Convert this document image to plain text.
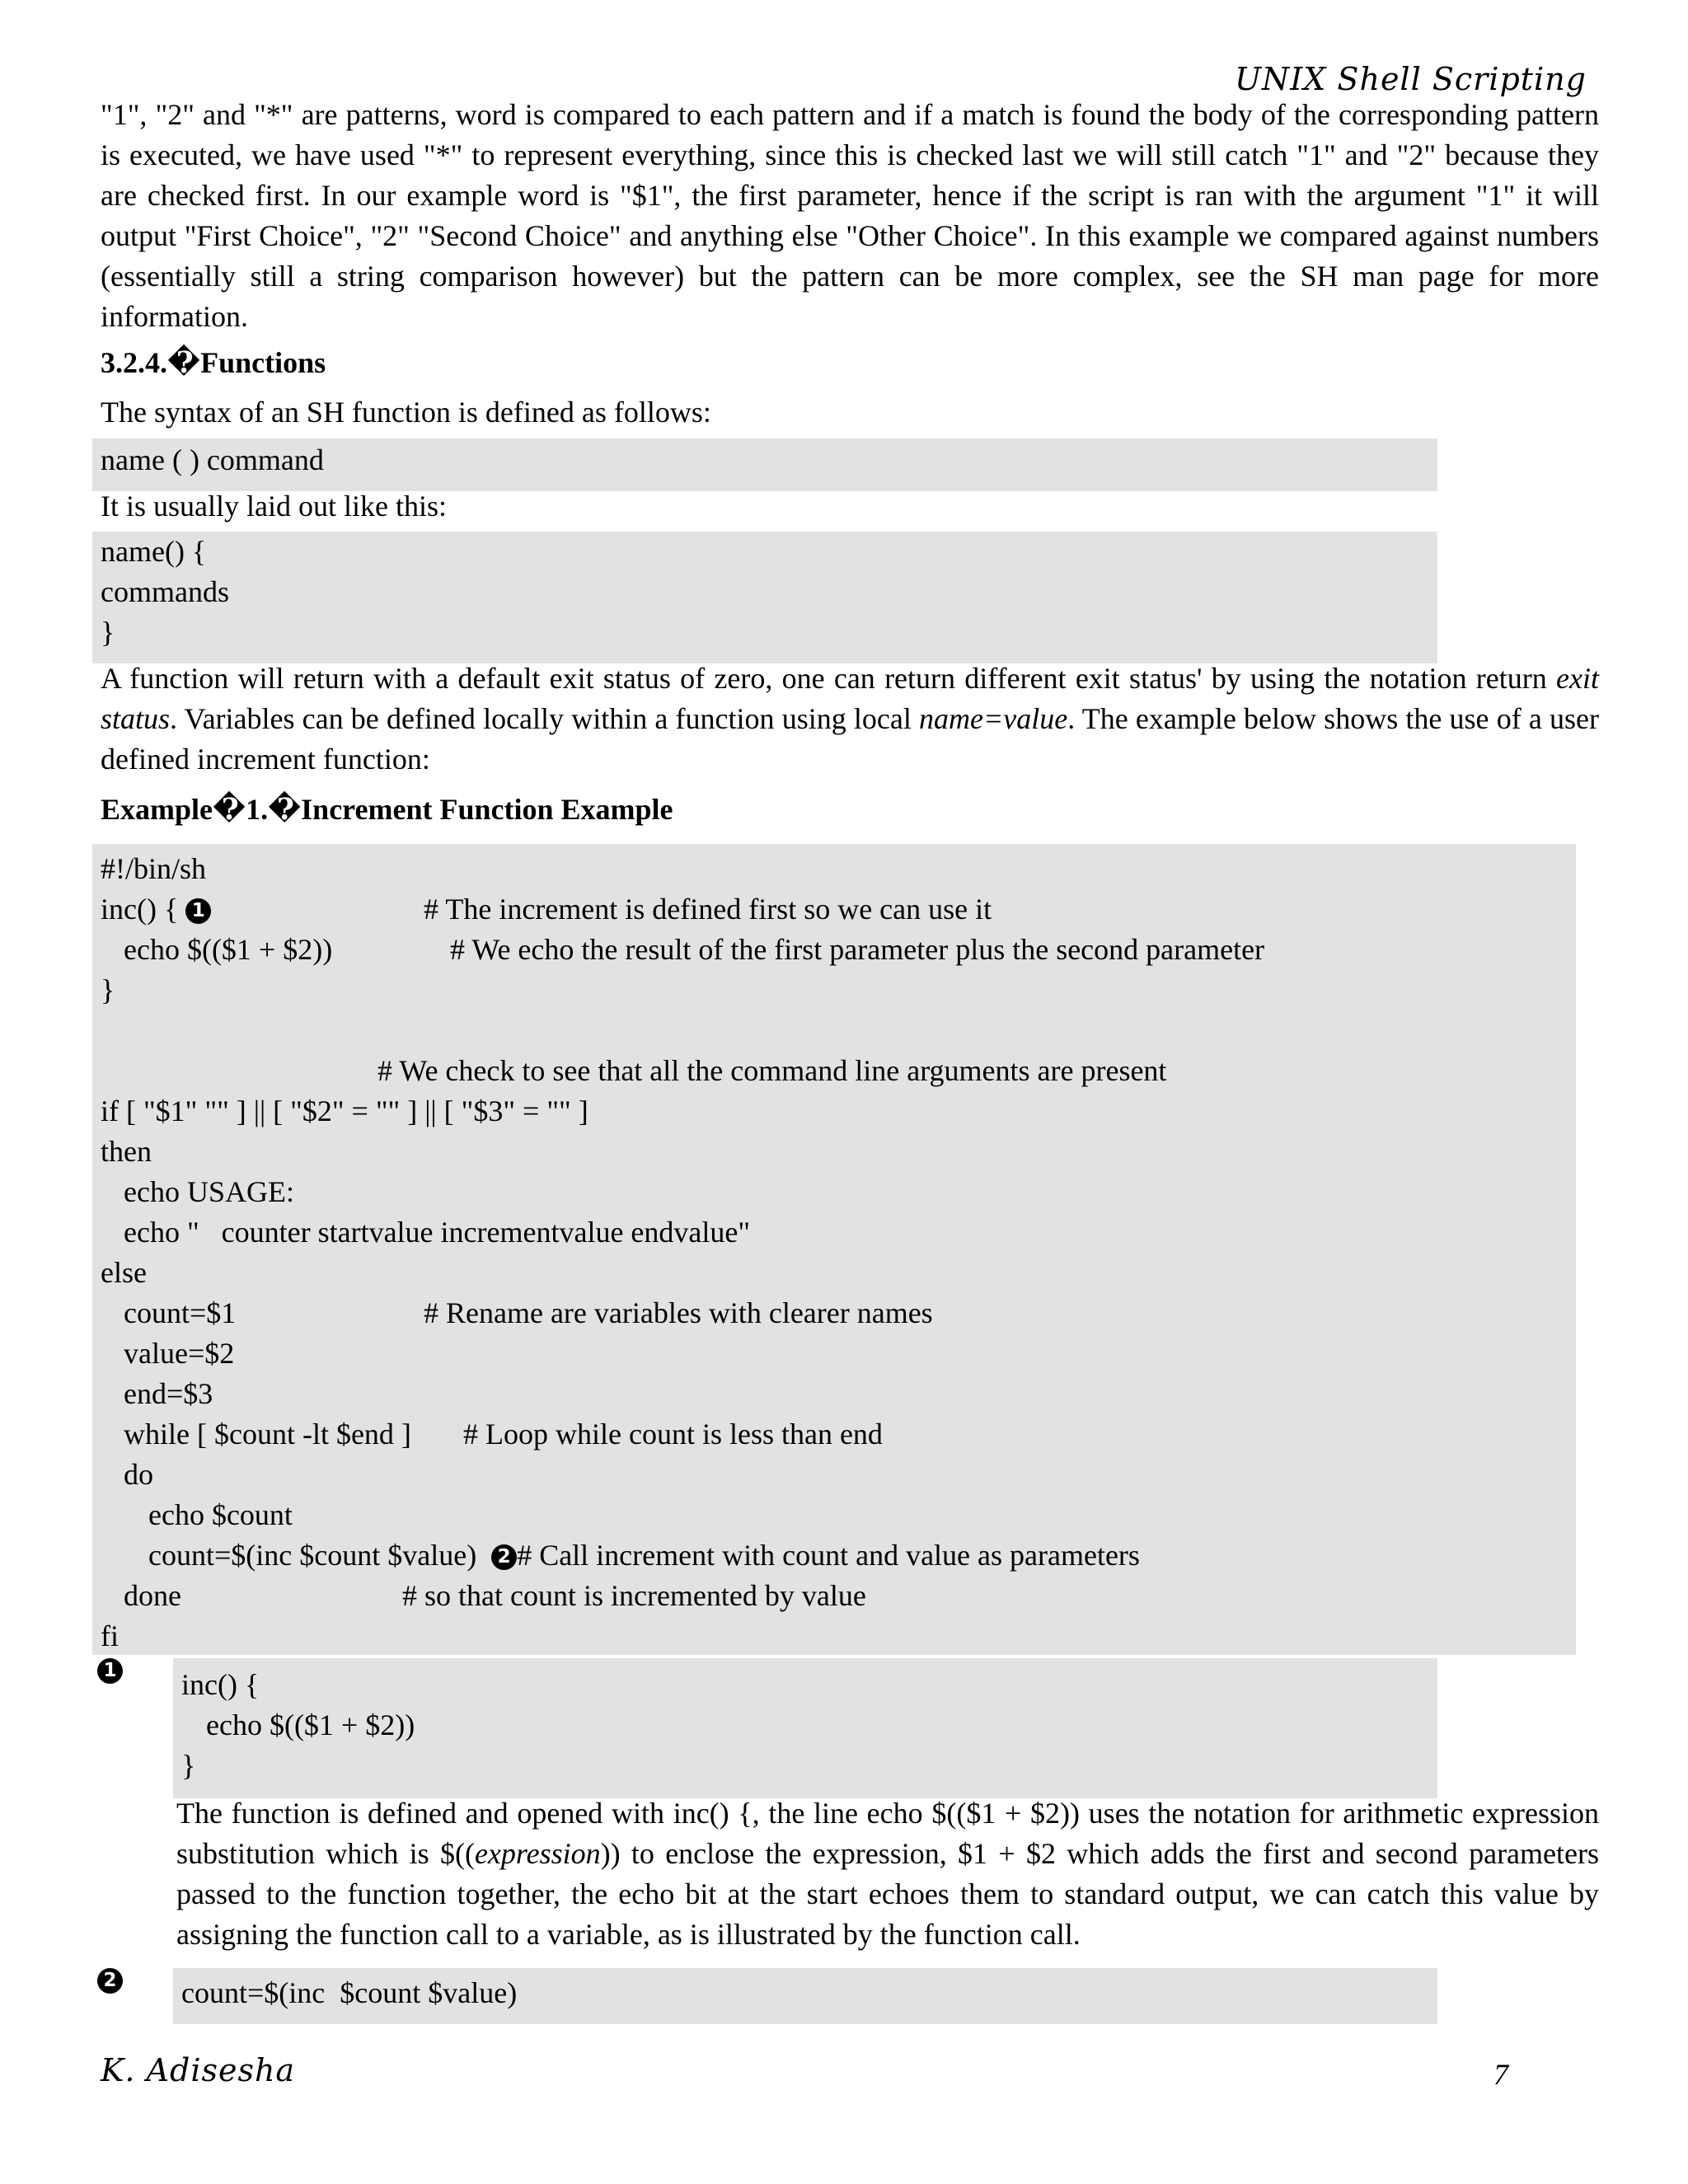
UNIX Shell Scripting

"1", "2" and "*" are patterns, word is compared to each pattern and if a match is found the body of the corresponding pattern is executed, we have used "*" to represent everything, since this is checked last we will still catch "1" and "2" because they are checked first. In our example word is "$1", the first parameter, hence if the script is ran with the argument "1" it will output "First Choice", "2" "Second Choice" and anything else "Other Choice". In this example we compared against numbers (essentially still a string comparison however) but the pattern can be more complex, see the SH man page for more information.

3.2.4.�Functions
The syntax of an SH function is defined as follows:
name ( ) command
It is usually laid out like this:
name() {
commands
}

A function will return with a default exit status of zero, one can return different exit status' by using the notation return exit status. Variables can be defined locally within a function using local name=value. The example below shows the use of a user defined increment function:

Example�1.�Increment Function Example
#!/bin/sh
inc() { 1	# The increment is defined first so we can use it
echo $(($1 + $2))	# We echo the result of the first parameter plus the second parameter
}
# We check to see that all the command line arguments are present
if [ "$1" "" ] || [ "$2" = "" ] || [ "$3" = "" ]
then
echo USAGE:
echo "   counter startvalue incrementvalue endvalue"
else
count=$1	# Rename are variables with clearer names
value=$2
end=$3
while [ $count -lt $end ] # Loop while count is less than end
do
echo $count
count=$(inc $count $value) 2 # Call increment with count and value as parameters
done	# so that count is incremented by value
fi
1 inc() {
echo $(($1 + $2))
}

The function is defined and opened with inc() {, the line echo $(($1 + $2)) uses the notation for arithmetic expression substitution which is $((expression)) to enclose the expression, $1 + $2 which adds the first and second parameters passed to the function together, the echo bit at the start echoes them to standard output, we can catch this value by assigning the function call to a variable, as is illustrated by the function call.

2 count=$(inc  $count $value)
K. Adisesha	7
